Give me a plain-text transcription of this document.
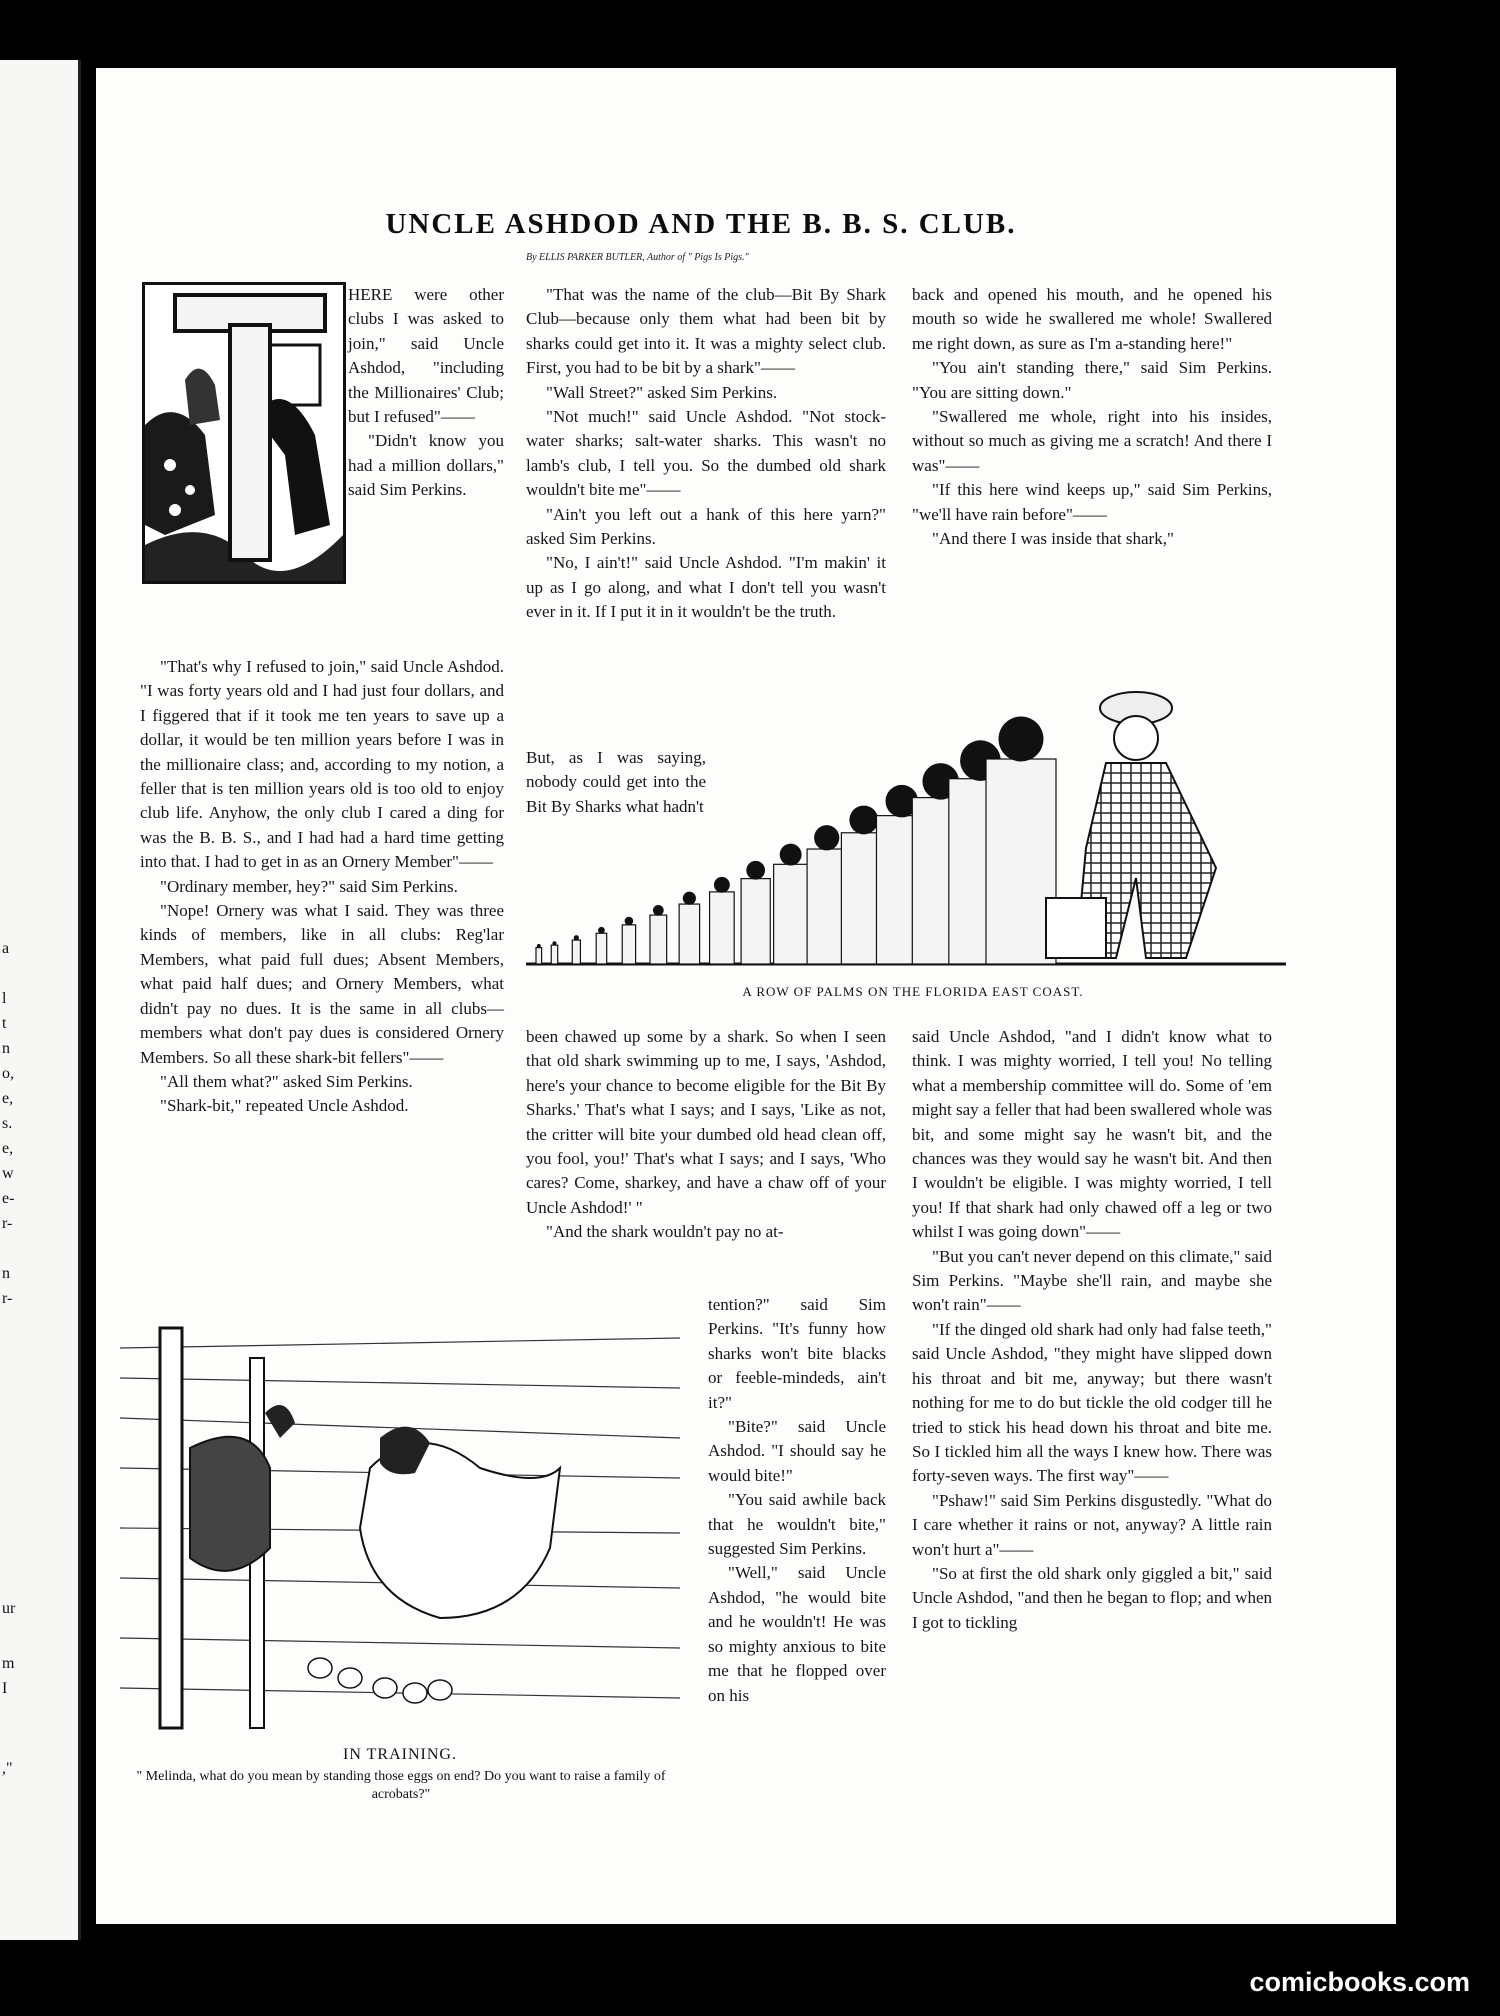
a
l
t
n
o,
e,
s.
e,
w
e-
r-
n
r-
ur
m
I
,"
UNCLE ASHDOD AND THE B. B. S. CLUB.
By ELLIS PARKER BUTLER, Author of " Pigs Is Pigs."
T

HERE were other clubs I was asked to join," said Uncle Ashdod, "including the Millionaires' Club; but I refused"——

"Didn't know you had a million dollars," said Sim Perkins.

"That's why I refused to join," said Uncle Ashdod. "I was forty years old and I had just four dollars, and I figgered that if it took me ten years to save up a dollar, it would be ten million years before I was in the millionaire class; and, according to my notion, a feller that is ten million years old is too old to enjoy club life. Anyhow, the only club I cared a ding for was the B. B. S., and I had had a hard time getting into that. I had to get in as an Ornery Member"——

"Ordinary member, hey?" said Sim Perkins.

"Nope! Ornery was what I said. They was three kinds of members, like in all clubs: Reg'lar Members, what paid full dues; Absent Members, what paid half dues; and Ornery Members, what didn't pay no dues. It is the same in all clubs—members what don't pay dues is considered Ornery Members. So all these shark-bit fellers"——

"All them what?" asked Sim Perkins.

"Shark-bit," repeated Uncle Ashdod.

"That was the name of the club—Bit By Shark Club—because only them what had been bit by sharks could get into it. It was a mighty select club. First, you had to be bit by a shark"——

"Wall Street?" asked Sim Perkins.

"Not much!" said Uncle Ashdod. "Not stock-water sharks; salt-water sharks. This wasn't no lamb's club, I tell you. So the dumbed old shark wouldn't bite me"——

"Ain't you left out a hank of this here yarn?" asked Sim Perkins.

"No, I ain't!" said Uncle Ashdod. "I'm makin' it up as I go along, and what I don't tell you wasn't ever in it. If I put it in it wouldn't be the truth.

But, as I was saying, nobody could get into the Bit By Sharks what hadn't

back and opened his mouth, and he opened his mouth so wide he swallered me whole! Swallered me right down, as sure as I'm a-standing here!"

"You ain't standing there," said Sim Perkins. "You are sitting down."

"Swallered me whole, right into his insides, without so much as giving me a scratch! And there I was"——

"If this here wind keeps up," said Sim Perkins, "we'll have rain before"——

"And there I was inside that shark,"

A ROW OF PALMS ON THE FLORIDA EAST COAST.

been chawed up some by a shark. So when I seen that old shark swimming up to me, I says, 'Ashdod, here's your chance to become eligible for the Bit By Sharks.' That's what I says; and I says, 'Like as not, the critter will bite your dumbed old head clean off, you fool, you!' That's what I says; and I says, 'Who cares? Come, sharkey, and have a chaw off of your Uncle Ashdod!' "

"And the shark wouldn't pay no at-

tention?" said Sim Perkins. "It's funny how sharks won't bite blacks or feeble-mindeds, ain't it?"

"Bite?" said Uncle Ashdod. "I should say he would bite!"

"You said awhile back that he wouldn't bite," suggested Sim Perkins.

"Well," said Uncle Ashdod, "he would bite and he wouldn't! He was so mighty anxious to bite me that he flopped over on his

said Uncle Ashdod, "and I didn't know what to think. I was mighty worried, I tell you! No telling what a membership committee will do. Some of 'em might say a feller that had been swallered whole was bit, and some might say he wasn't bit, and the chances was they would say he wasn't bit. And then I wouldn't be eligible. I was mighty worried, I tell you! If that shark had only chawed off a leg or two whilst I was going down"——

"But you can't never depend on this climate," said Sim Perkins. "Maybe she'll rain, and maybe she won't rain"——

"If the dinged old shark had only had false teeth," said Uncle Ashdod, "they might have slipped down his throat and bit me, anyway; but there wasn't nothing for me to do but tickle the old codger till he tried to stick his head down his throat and bite me. So I tickled him all the ways I knew how. There was forty-seven ways. The first way"——

"Pshaw!" said Sim Perkins disgustedly. "What do I care whether it rains or not, anyway? A little rain won't hurt a"——

"So at first the old shark only giggled a bit," said Uncle Ashdod, "and then he began to flop; and when I got to tickling

IN TRAINING.
" Melinda, what do you mean by standing those eggs on end? Do you want to raise a family of acrobats?"
comicbooks.com
